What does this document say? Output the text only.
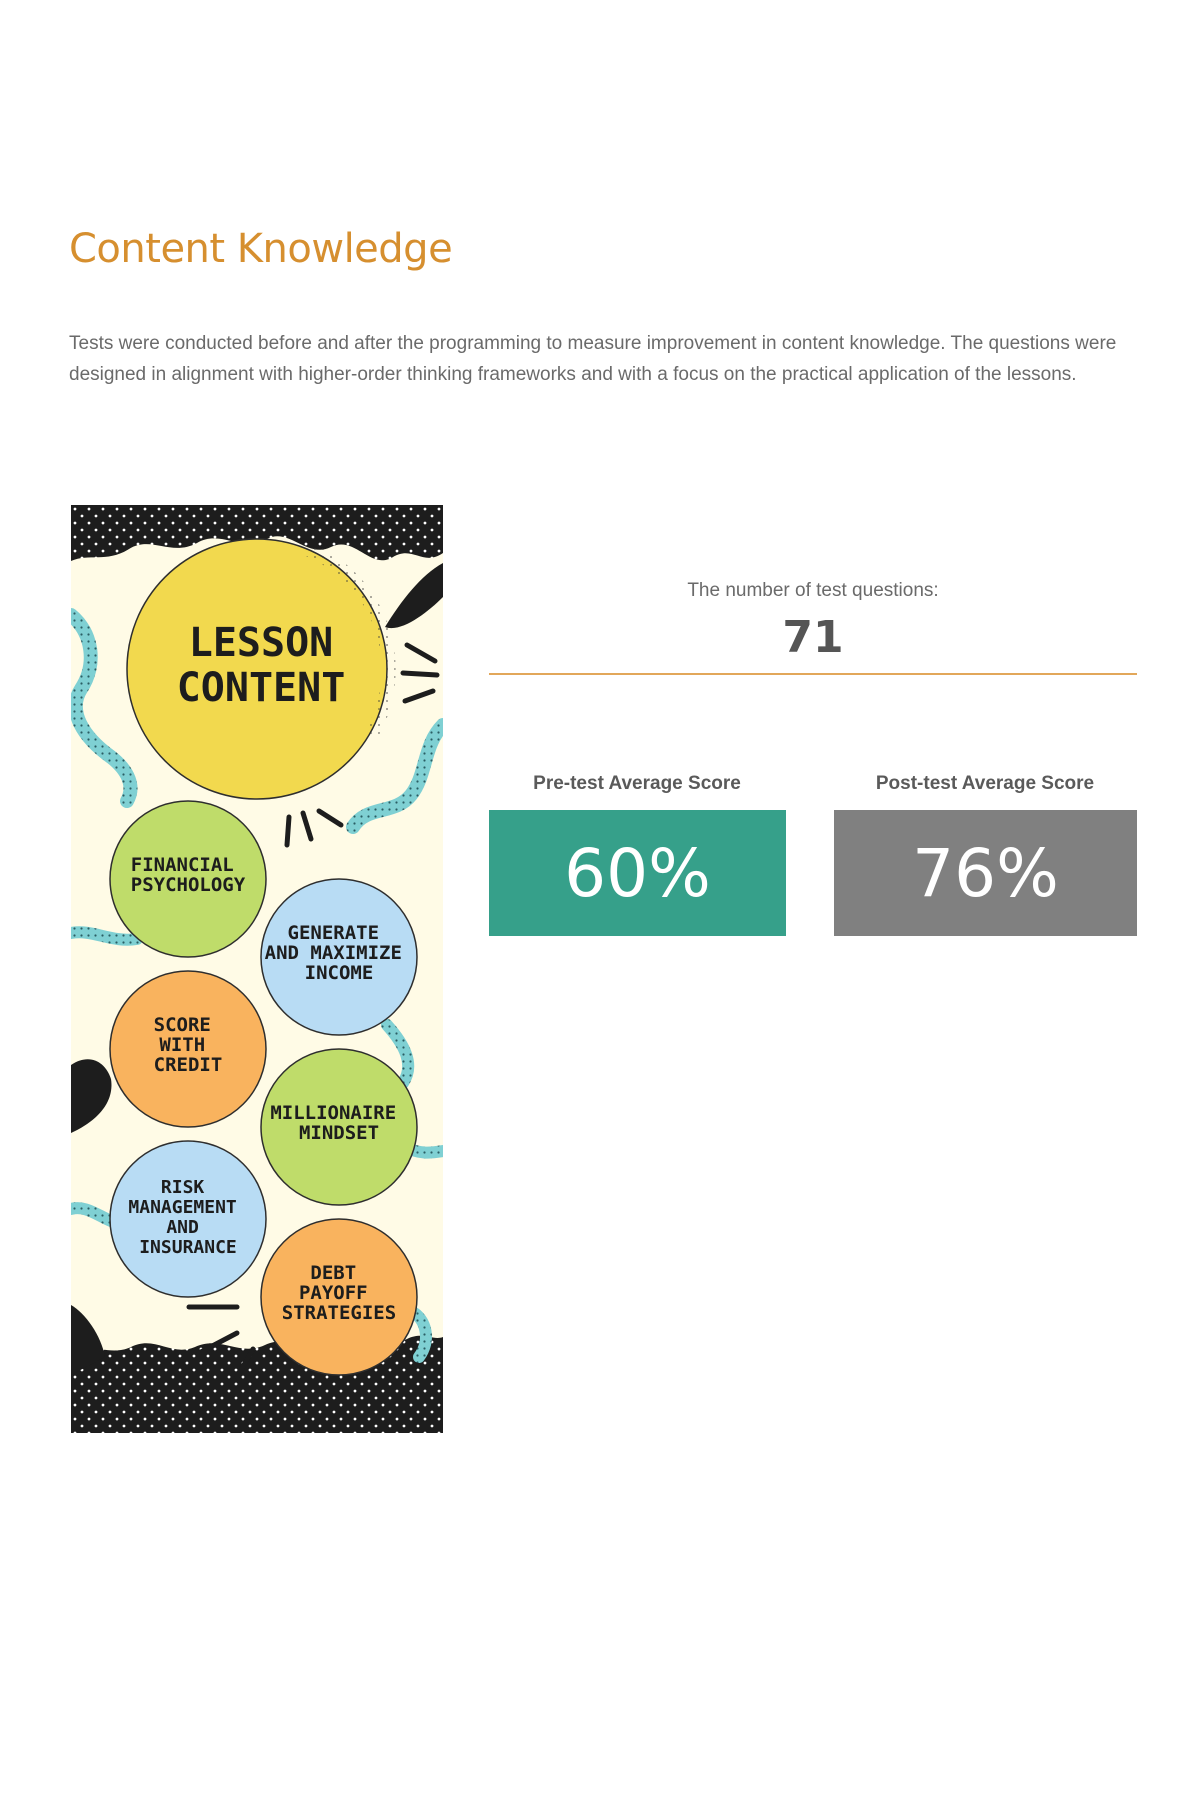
Content Knowledge

Tests were conducted before and after the programming to measure improvement in content knowledge. The questions were designed in alignment with higher-order thinking frameworks and with a focus on the practical application of the lessons.

LESSON
CONTENT
FINANCIAL PSYCHOLOGY
GENERATE AND MAXIMIZE INCOME
SCORE WITH CREDIT
MILLIONAIRE MINDSET
RISK MANAGEMENT AND INSURANCE
DEBT PAYOFF STRATEGIES
The number of test questions:
71
Pre-test Average Score	Post-test Average Score
60%	76%
